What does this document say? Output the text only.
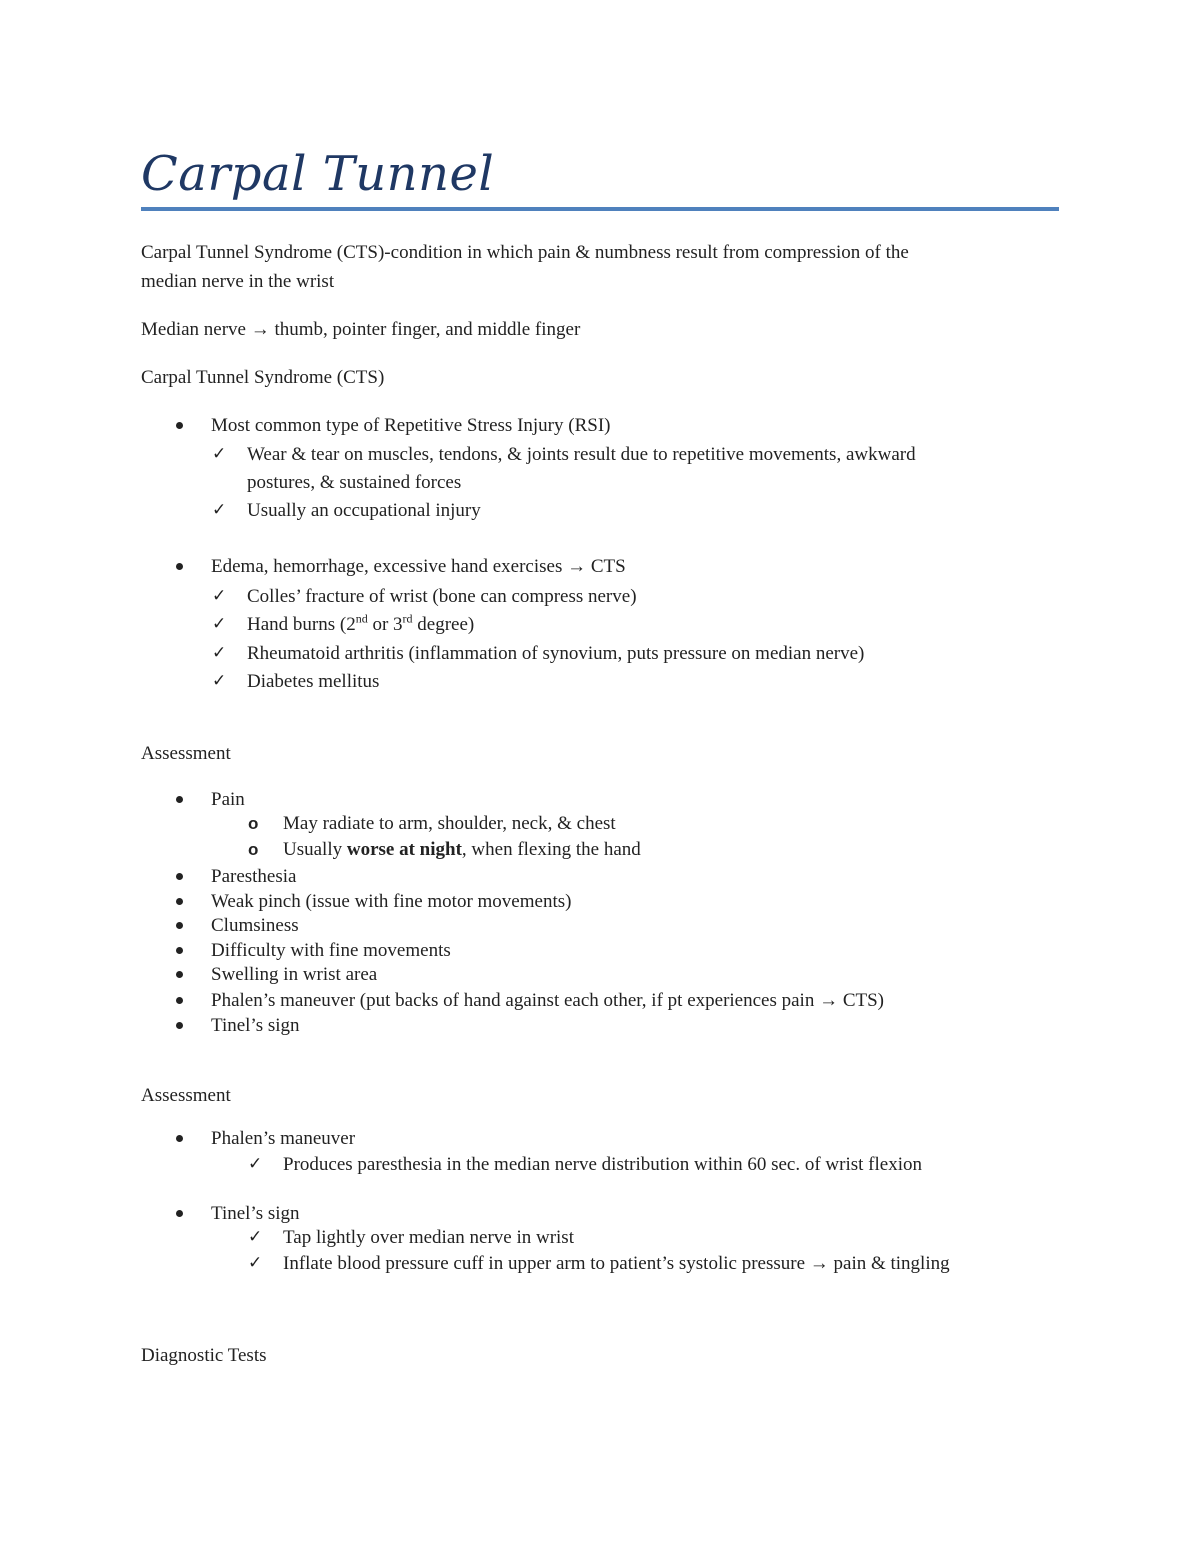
Carpal Tunnel
Carpal Tunnel Syndrome (CTS)-condition in which pain & numbness result from compression of the
median nerve in the wrist
Median nerve → thumb, pointer finger, and middle finger
Carpal Tunnel Syndrome (CTS)
Most common type of Repetitive Stress Injury (RSI)
✓ Wear & tear on muscles, tendons, & joints result due to repetitive movements, awkward
postures, & sustained forces
✓ Usually an occupational injury
Edema, hemorrhage, excessive hand exercises → CTS
✓ Colles’ fracture of wrist (bone can compress nerve)
✓ Hand burns (2nd or 3rd degree)
✓ Rheumatoid arthritis (inflammation of synovium, puts pressure on median nerve)
✓ Diabetes mellitus
Assessment
Pain
o May radiate to arm, shoulder, neck, & chest
o Usually worse at night, when flexing the hand
Paresthesia
Weak pinch (issue with fine motor movements)
Clumsiness
Difficulty with fine movements
Swelling in wrist area
Phalen’s maneuver (put backs of hand against each other, if pt experiences pain → CTS)
Tinel’s sign
Assessment
Phalen’s maneuver
✓ Produces paresthesia in the median nerve distribution within 60 sec. of wrist flexion
Tinel’s sign
✓ Tap lightly over median nerve in wrist
✓ Inflate blood pressure cuff in upper arm to patient’s systolic pressure → pain & tingling
Diagnostic Tests
